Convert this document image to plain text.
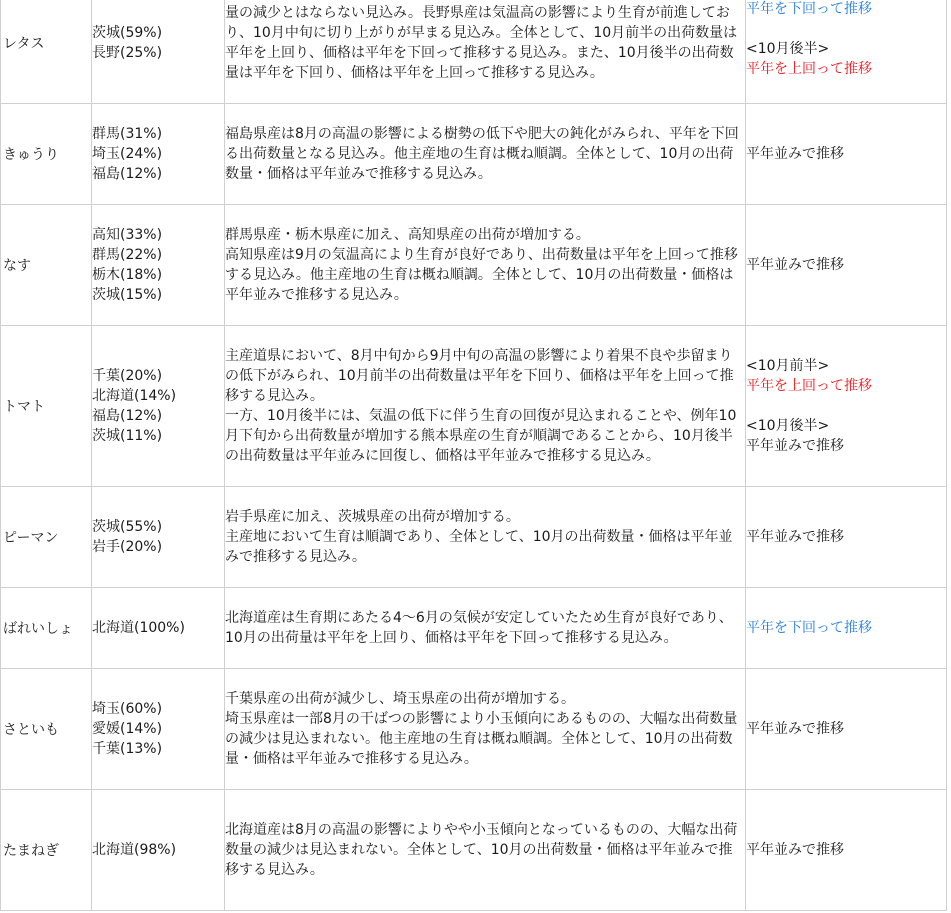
レタス
茨城(59%)
長野(25%)
量の減少とはならない見込み。長野県産は気温高の影響により生育が前進してお
り、10月中旬に切り上がりが早まる見込み。全体として、10月前半の出荷数量は
平年を上回り、価格は平年を下回って推移する見込み。また、10月後半の出荷数
量は平年を下回り、価格は平年を上回って推移する見込み。
平年を下回って推移
<10月後半>
平年を上回って推移
きゅうり
群馬(31%)
埼玉(24%)
福島(12%)
福島県産は8月の高温の影響による樹勢の低下や肥大の鈍化がみられ、平年を下回
る出荷数量となる見込み。他主産地の生育は概ね順調。全体として、10月の出荷
数量・価格は平年並みで推移する見込み。
平年並みで推移
なす
高知(33%)
群馬(22%)
栃木(18%)
茨城(15%)
群馬県産・栃木県産に加え、高知県産の出荷が増加する。
高知県産は9月の気温高により生育が良好であり、出荷数量は平年を上回って推移
する見込み。他主産地の生育は概ね順調。全体として、10月の出荷数量・価格は
平年並みで推移する見込み。
平年並みで推移
トマト
千葉(20%)
北海道(14%)
福島(12%)
茨城(11%)
主産道県において、8月中旬から9月中旬の高温の影響により着果不良や歩留まり
の低下がみられ、10月前半の出荷数量は平年を下回り、価格は平年を上回って推
移する見込み。
一方、10月後半には、気温の低下に伴う生育の回復が見込まれることや、例年10
月下旬から出荷数量が増加する熊本県産の生育が順調であることから、10月後半
の出荷数量は平年並みに回復し、価格は平年並みで推移する見込み。
<10月前半>
平年を上回って推移
<10月後半>
平年並みで推移
ピーマン
茨城(55%)
岩手(20%)
岩手県産に加え、茨城県産の出荷が増加する。
主産地において生育は順調であり、全体として、10月の出荷数量・価格は平年並
みで推移する見込み。
平年並みで推移
ばれいしょ 北海道(100%)
北海道産は生育期にあたる4～6月の気候が安定していたため生育が良好であり、
10月の出荷量は平年を上回り、価格は平年を下回って推移する見込み。
平年を下回って推移
さといも
埼玉(60%)
愛媛(14%)
千葉(13%)
千葉県産の出荷が減少し、埼玉県産の出荷が増加する。
埼玉県産は一部8月の干ばつの影響により小玉傾向にあるものの、大幅な出荷数量
の減少は見込まれない。他主産地の生育は概ね順調。全体として、10月の出荷数
量・価格は平年並みで推移する見込み。
平年並みで推移
たまねぎ 北海道(98%)
北海道産は8月の高温の影響によりやや小玉傾向となっているものの、大幅な出荷
数量の減少は見込まれない。全体として、10月の出荷数量・価格は平年並みで推
移する見込み。
平年並みで推移
